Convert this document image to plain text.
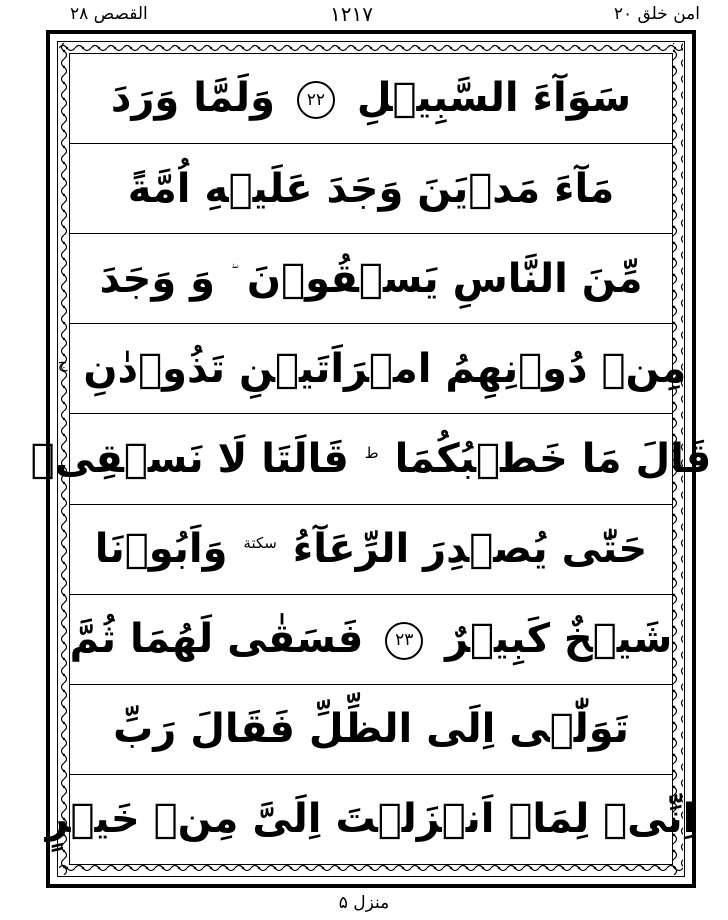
القصص ٢٨	١٢١٧	امن خلق ۲۰
سَوَآءَ السَّبِيۡلِ ٢٢ وَلَمَّا وَرَدَ
مَآءَ مَدۡيَنَ وَجَدَ عَلَيۡهِ اُمَّةً
مِّنَ النَّاسِ يَسۡقُوۡنَ وَ وَجَدَ
مِنۡ دُوۡنِهِمُ امۡرَاَتَيۡنِ تَذُوۡدٰنِ $^ج$
قَالَ مَا خَطۡبُكُمَا $^ط$ قَالَتَا لَا نَسۡقِىۡ
حَتّٰى يُصۡدِرَ الرِّعَآءُ $^{سكتة}$ وَاَبُوۡنَا
شَيۡخٌ كَبِيۡرٌ ٢٣ فَسَقٰى لَهُمَا ثُمَّ
تَوَلّٰۤى اِلَى الظِّلِّ فَقَالَ رَبِّ
اِنِّىۡ لِمَاۤ اَنۡزَلۡتَ اِلَىَّ مِنۡ خَيۡرٍ
منزل ۵
